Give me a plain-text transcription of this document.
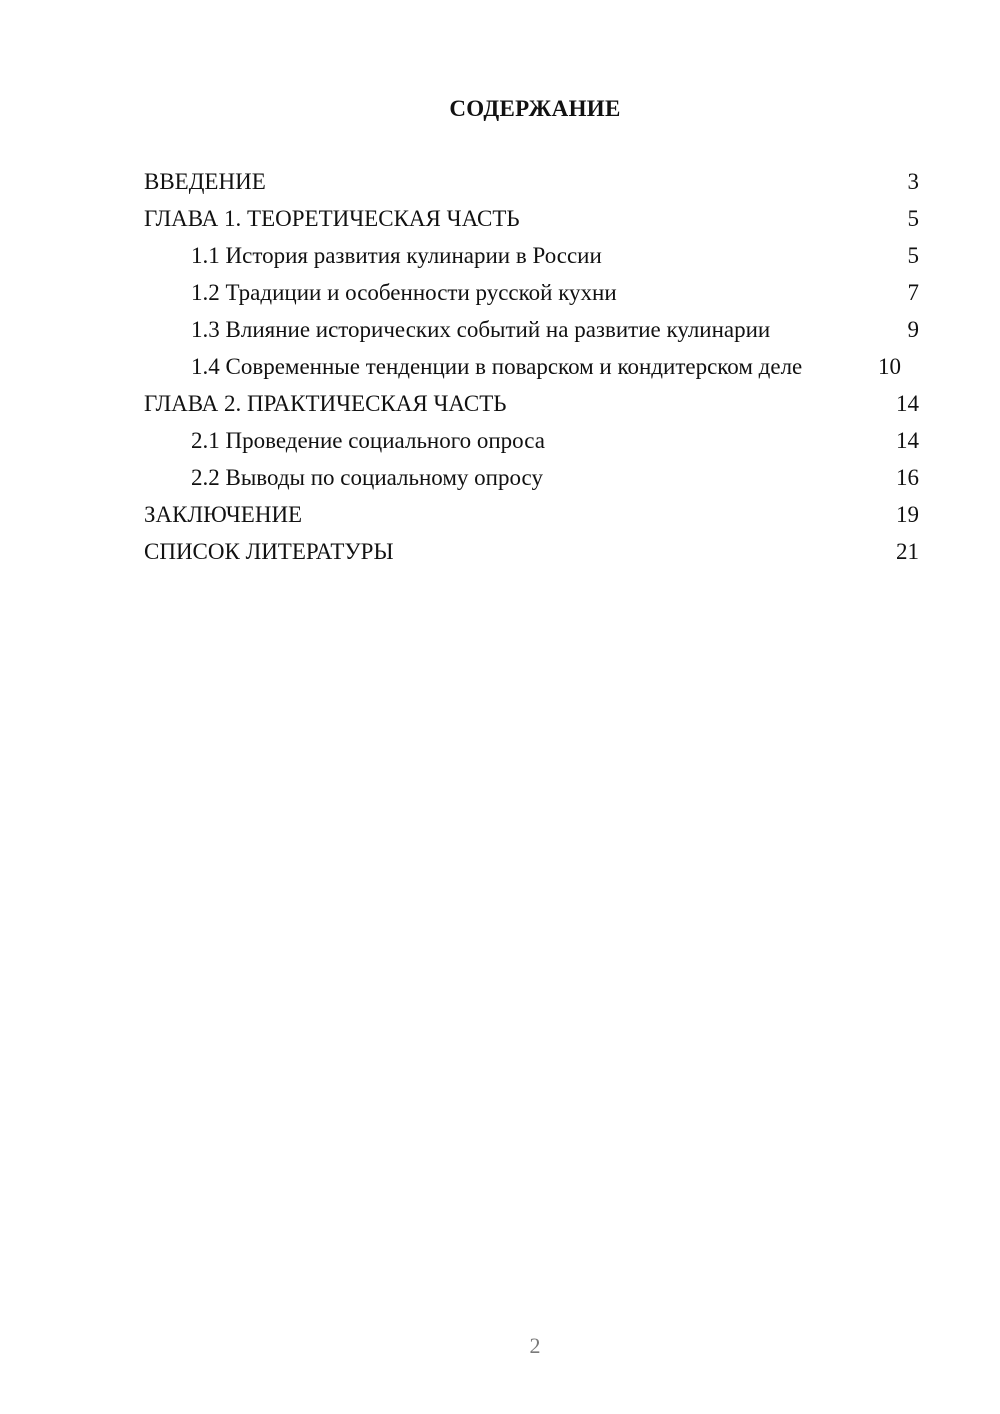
СОДЕРЖАНИЕ
ВВЕДЕНИЕ	3
ГЛАВА 1. ТЕОРЕТИЧЕСКАЯ ЧАСТЬ	5
1.1 История развития кулинарии в России	5
1.2 Традиции и особенности русской кухни	7
1.3 Влияние исторических событий на развитие кулинарии	9
1.4 Современные тенденции в поварском и кондитерском деле	10
ГЛАВА 2. ПРАКТИЧЕСКАЯ ЧАСТЬ	14
2.1 Проведение социального опроса	14
2.2 Выводы по социальному опросу	16
ЗАКЛЮЧЕНИЕ	19
СПИСОК ЛИТЕРАТУРЫ	21
2
